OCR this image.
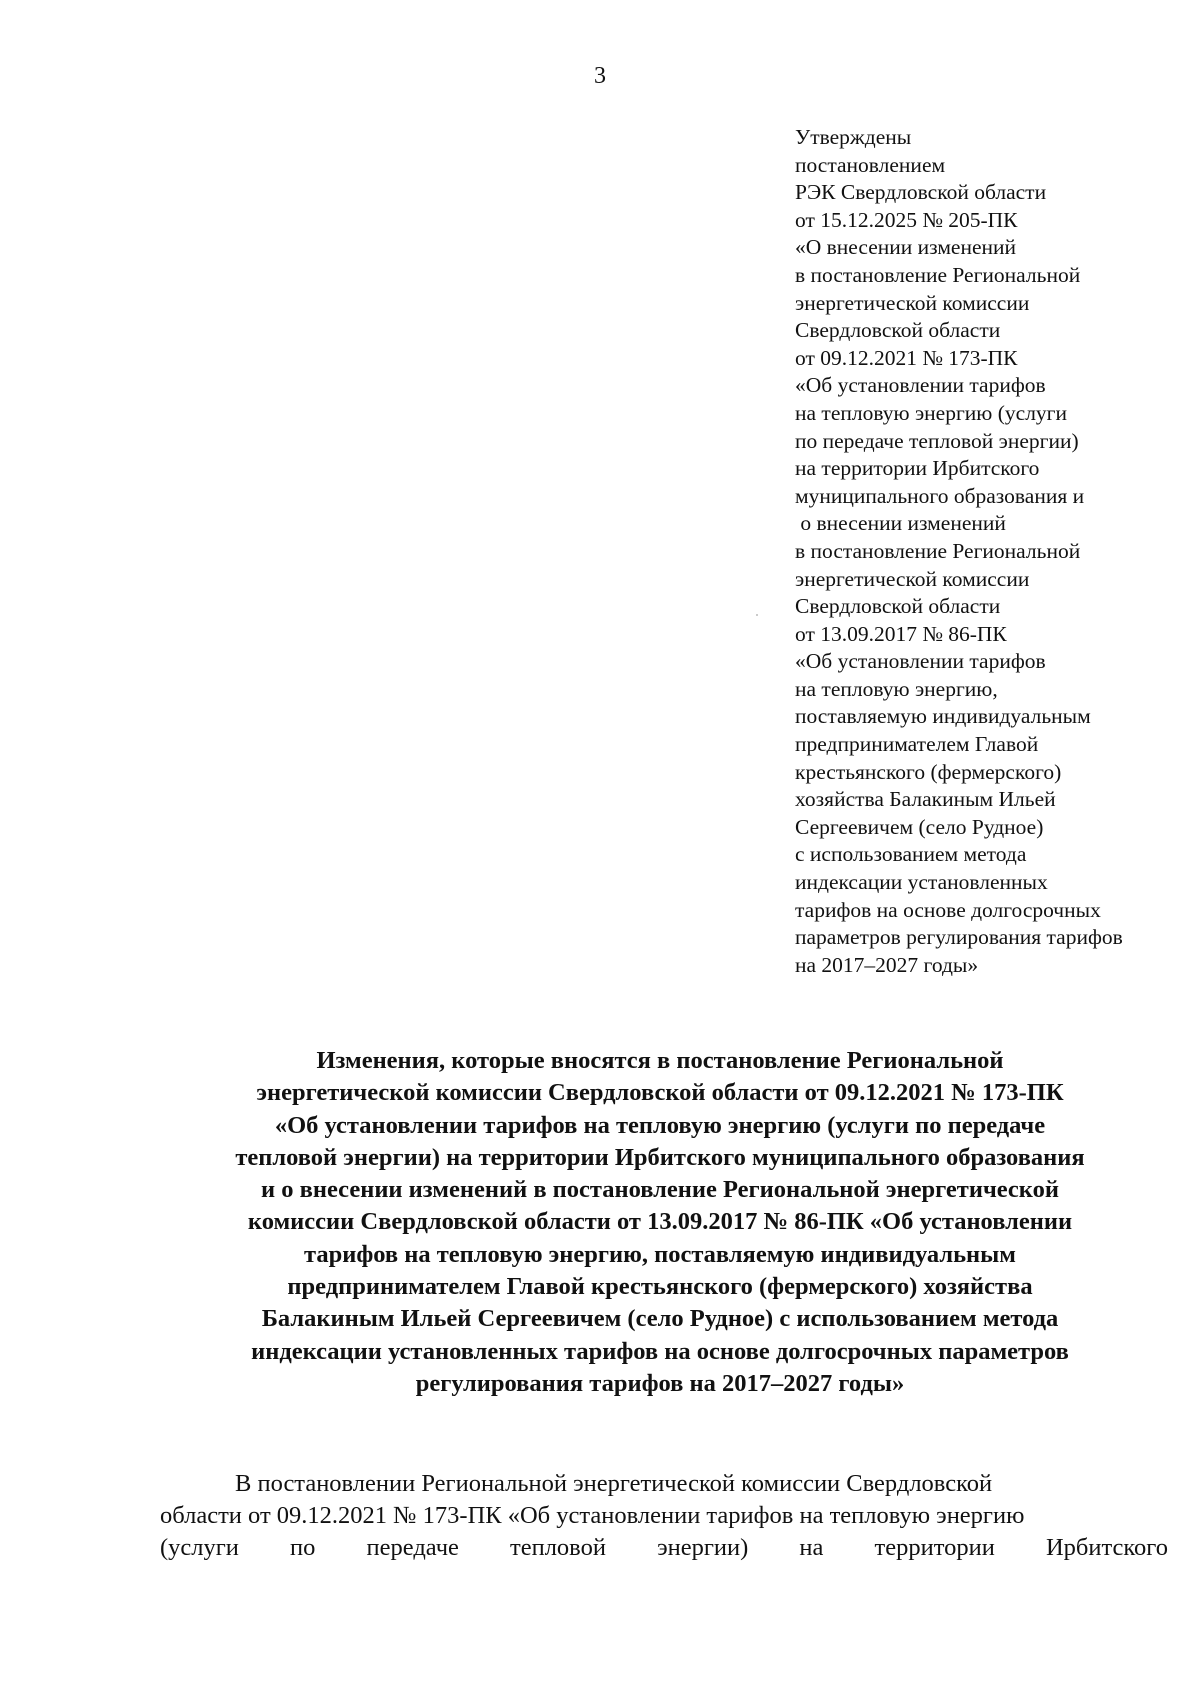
3
Утверждены
постановлением
РЭК Свердловской области
от 15.12.2025 № 205-ПК
«О внесении изменений
в постановление Региональной
энергетической комиссии
Свердловской области
от 09.12.2021 № 173-ПК
«Об установлении тарифов
на тепловую энергию (услуги
по передаче тепловой энергии)
на территории Ирбитского
муниципального образования и
о внесении изменений
в постановление Региональной
энергетической комиссии
Свердловской области
от 13.09.2017 № 86-ПК
«Об установлении тарифов
на тепловую энергию,
поставляемую индивидуальным
предпринимателем Главой
крестьянского (фермерского)
хозяйства Балакиным Ильей
Сергеевичем (село Рудное)
с использованием метода
индексации установленных
тарифов на основе долгосрочных
параметров регулирования тарифов
на 2017–2027 годы»
Изменения, которые вносятся в постановление Региональной
энергетической комиссии Свердловской области от 09.12.2021 № 173-ПК
«Об установлении тарифов на тепловую энергию (услуги по передаче
тепловой энергии) на территории Ирбитского муниципального образования
и о внесении изменений в постановление Региональной энергетической
комиссии Свердловской области от 13.09.2017 № 86-ПК «Об установлении
тарифов на тепловую энергию, поставляемую индивидуальным
предпринимателем Главой крестьянского (фермерского) хозяйства
Балакиным Ильей Сергеевичем (село Рудное) с использованием метода
индексации установленных тарифов на основе долгосрочных параметров
регулирования тарифов на 2017–2027 годы»
В постановлении Региональной энергетической комиссии Свердловской
области от 09.12.2021 № 173-ПК «Об установлении тарифов на тепловую энергию
(услуги по передаче тепловой энергии) на территории Ирбитского
